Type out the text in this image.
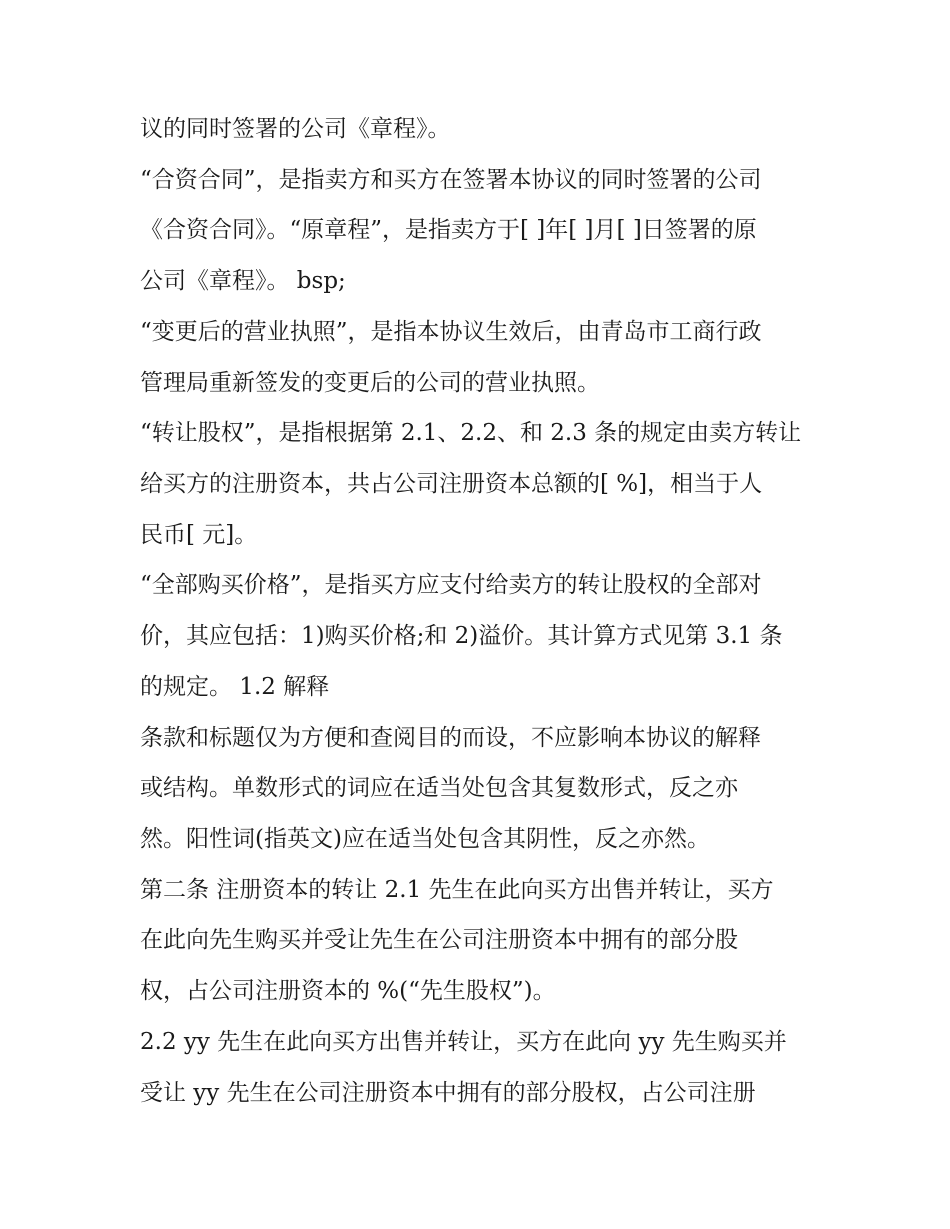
议的同时签署的公司《章程》。
“合资合同”，是指卖方和买方在签署本协议的同时签署的公司
《合资合同》。“原章程”，是指卖方于[ ]年[ ]月[ ]日签署的原
公司《章程》。 bsp;
“变更后的营业执照”，是指本协议生效后，由青岛市工商行政
管理局重新签发的变更后的公司的营业执照。
“转让股权”，是指根据第 2.1、2.2、和 2.3 条的规定由卖方转让
给买方的注册资本，共占公司注册资本总额的[ %]，相当于人
民币[ 元]。
“全部购买价格”，是指买方应支付给卖方的转让股权的全部对
价，其应包括：1)购买价格;和 2)溢价。其计算方式见第 3.1 条
的规定。 1.2 解释
条款和标题仅为方便和查阅目的而设，不应影响本协议的解释
或结构。单数形式的词应在适当处包含其复数形式，反之亦
然。阳性词(指英文)应在适当处包含其阴性，反之亦然。
第二条 注册资本的转让 2.1 先生在此向买方出售并转让，买方
在此向先生购买并受让先生在公司注册资本中拥有的部分股
权，占公司注册资本的 %(“先生股权”)。
2.2 yy 先生在此向买方出售并转让，买方在此向 yy 先生购买并
受让 yy 先生在公司注册资本中拥有的部分股权，占公司注册
